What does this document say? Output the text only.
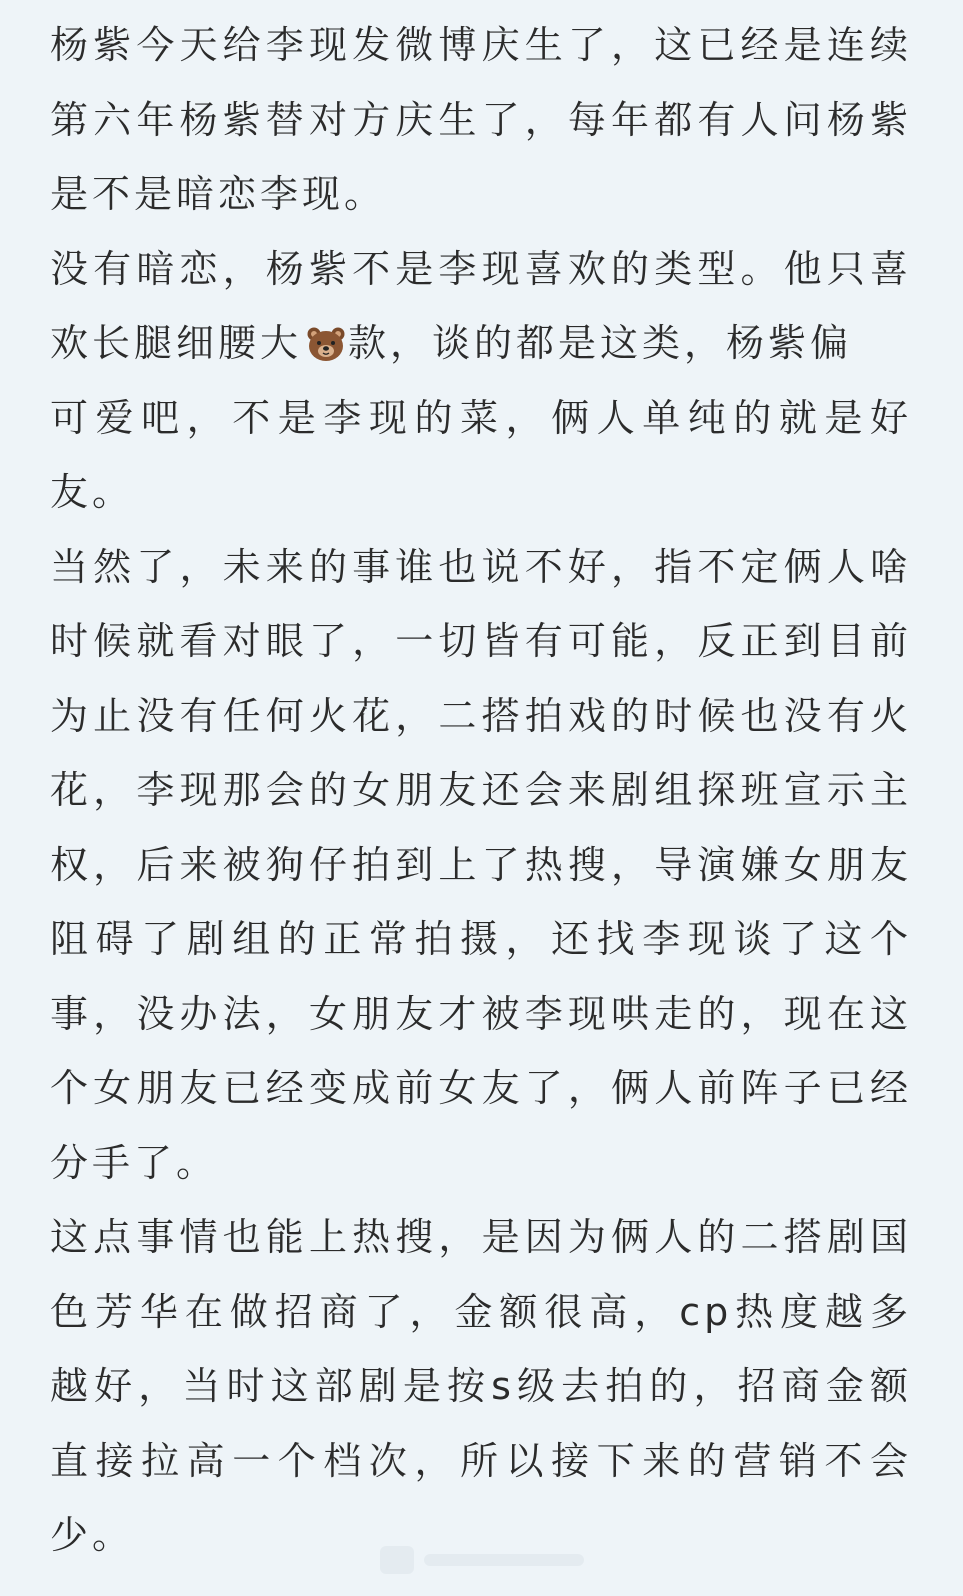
杨紫今天给李现发微博庆生了，这已经是连续
第六年杨紫替对方庆生了，每年都有人问杨紫
是不是暗恋李现。
没有暗恋，杨紫不是李现喜欢的类型。他只喜
欢长腿细腰大 款，谈的都是这类，杨紫偏
可爱吧，不是李现的菜，俩人单纯的就是好
友。
当然了，未来的事谁也说不好，指不定俩人啥
时候就看对眼了，一切皆有可能，反正到目前
为止没有任何火花，二搭拍戏的时候也没有火
花，李现那会的女朋友还会来剧组探班宣示主
权，后来被狗仔拍到上了热搜，导演嫌女朋友
阻碍了剧组的正常拍摄，还找李现谈了这个
事，没办法，女朋友才被李现哄走的，现在这
个女朋友已经变成前女友了，俩人前阵子已经
分手了。
这点事情也能上热搜，是因为俩人的二搭剧国
色芳华在做招商了，金额很高，cp热度越多
越好，当时这部剧是按s级去拍的，招商金额
直接拉高一个档次，所以接下来的营销不会
少。
